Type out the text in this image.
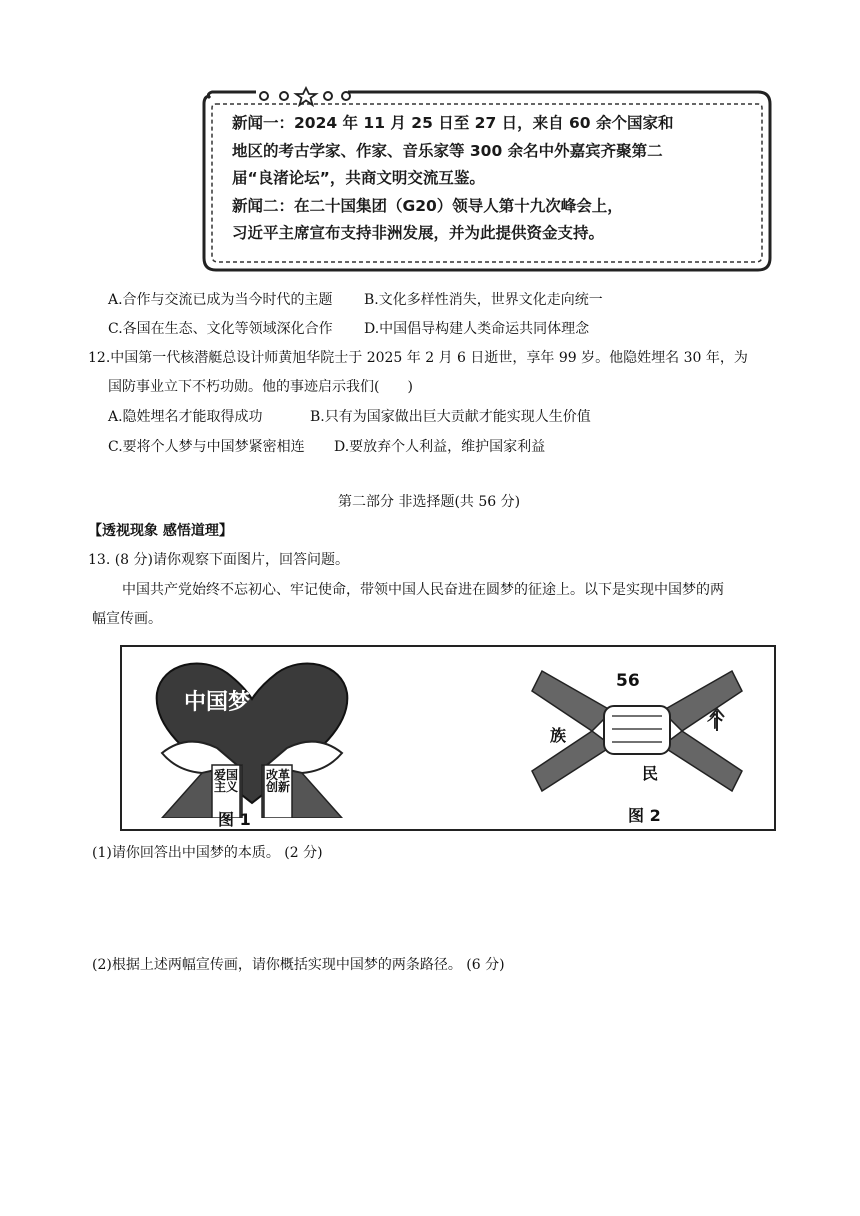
新闻一：2024 年 11 月 25 日至 27 日，来自 60 余个国家和
地区的考古学家、作家、音乐家等 300 余名中外嘉宾齐聚第二
届“良渚论坛”，共商文明交流互鉴。
新闻二：在二十国集团（G20）领导人第十九次峰会上，
习近平主席宣布支持非洲发展，并为此提供资金支持。
A.合作与交流已成为当今时代的主题 B.文化多样性消失，世界文化走向统一
C.各国在生态、文化等领域深化合作 D.中国倡导构建人类命运共同体理念
12.中国第一代核潜艇总设计师黄旭华院士于 2025 年 2 月 6 日逝世，享年 99 岁。他隐姓埋名 30 年，为
国防事业立下不朽功勋。他的事迹启示我们(　　)
A.隐姓埋名才能取得成功	B.只有为国家做出巨大贡献才能实现人生价值
C.要将个人梦与中国梦紧密相连 D.要放弃个人利益，维护国家利益
第二部分 非选择题(共 56 分)
【透视现象 感悟道理】
13. (8 分)请你观察下面图片，回答问题。
中国共产党始终不忘初心、牢记使命，带领中国人民奋进在圆梦的征途上。以下是实现中国梦的两
幅宣传画。
中国梦
爱国
主义
改革
创新
图 1
56
个
族
民
图 2
(1)请你回答出中国梦的本质。 (2 分)
(2)根据上述两幅宣传画，请你概括实现中国梦的两条路径。 (6 分)
